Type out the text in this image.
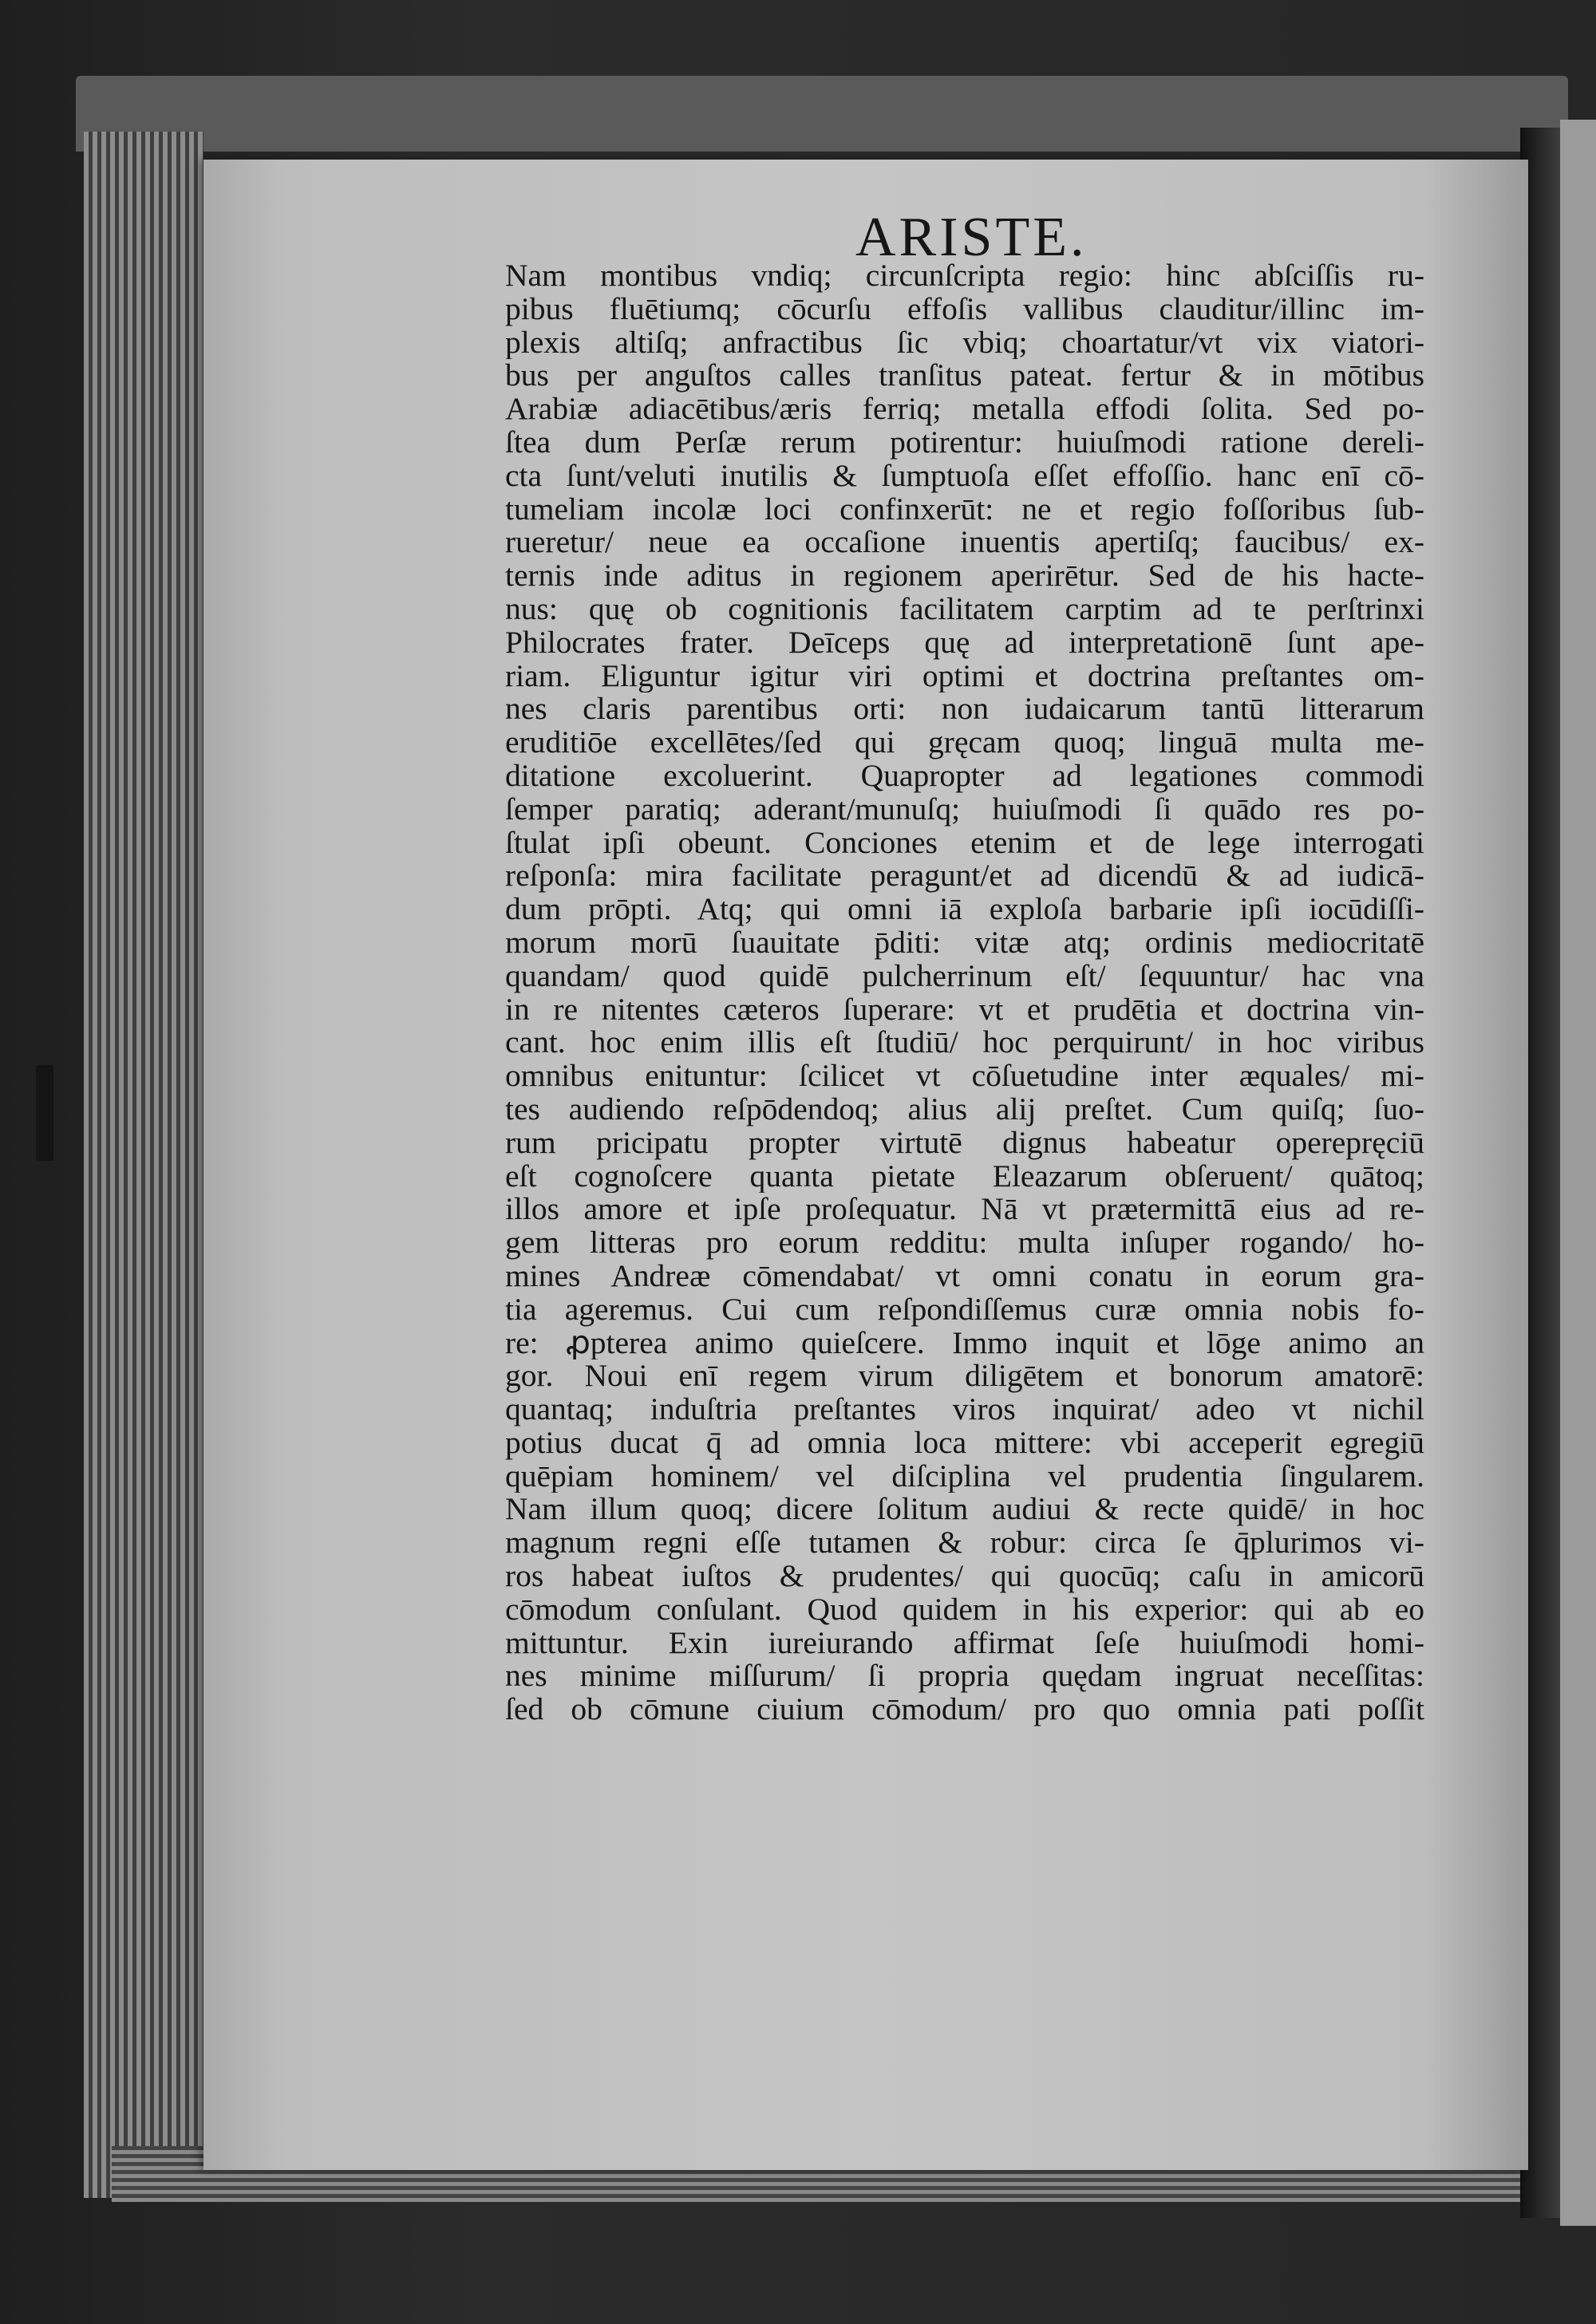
ARISTE.
Nam montibus vndiq; circunſcripta regio: hinc abſciſſis ru-
pibus fluētiumq; cōcurſu effoſis vallibus clauditur/illinc im-
plexis altiſq; anfractibus ſic vbiq; choartatur/vt vix viatori-
bus per anguſtos calles tranſitus pateat. fertur & in mōtibus
Arabiæ adiacētibus/æris ferriq; metalla effodi ſolita. Sed po-
ſtea dum Perſæ rerum potirentur: huiuſmodi ratione dereli-
cta ſunt/veluti inutilis & ſumptuoſa eſſet effoſſio. hanc enī cō-
tumeliam incolæ loci confinxerūt: ne et regio foſſoribus ſub-
rueretur/ neue ea occaſione inuentis apertiſq; faucibus/ ex-
ternis inde aditus in regionem aperirētur. Sed de his hacte-
nus: quę ob cognitionis facilitatem carptim ad te perſtrinxi
Philocrates frater. Deīceps quę ad interpretationē ſunt ape-
riam. Eliguntur igitur viri optimi et doctrina preſtantes om-
nes claris parentibus orti: non iudaicarum tantū litterarum
eruditiōe excellētes/ſed qui gręcam quoq; linguā multa me-
ditatione excoluerint. Quapropter ad legationes commodi
ſemper paratiq; aderant/munuſq; huiuſmodi ſi quādo res po-
ſtulat ipſi obeunt. Conciones etenim et de lege interrogati
reſponſa: mira facilitate peragunt/et ad dicendū & ad iudicā-
dum prōpti. Atq; qui omni iā exploſa barbarie ipſi iocūdiſſi-
morum morū ſuauitate p̄diti: vitæ atq; ordinis mediocritatē
quandam/ quod quidē pulcherrinum eſt/ ſequuntur/ hac vna
in re nitentes cæteros ſuperare: vt et prudētia et doctrina vin-
cant. hoc enim illis eſt ſtudiū/ hoc perquirunt/ in hoc viribus
omnibus enituntur: ſcilicet vt cōſuetudine inter æquales/ mi-
tes audiendo reſpōdendoq; alius alij preſtet. Cum quiſq; ſuo-
rum pricipatu propter virtutē dignus habeatur operepręciū
eſt cognoſcere quanta pietate Eleazarum obſeruent/ quātoq;
illos amore et ipſe proſequatur. Nā vt prætermittā eius ad re-
gem litteras pro eorum redditu: multa inſuper rogando/ ho-
mines Andreæ cōmendabat/ vt omni conatu in eorum gra-
tia ageremus. Cui cum reſpondiſſemus curæ omnia nobis fo-
re: ꝓpterea animo quieſcere. Immo inquit et lōge animo an
gor. Noui enī regem virum diligētem et bonorum amatorē:
quantaq; induſtria preſtantes viros inquirat/ adeo vt nichil
potius ducat q̄ ad omnia loca mittere: vbi acceperit egregiū
quēpiam hominem/ vel diſciplina vel prudentia ſingularem.
Nam illum quoq; dicere ſolitum audiui & recte quidē/ in hoc
magnum regni eſſe tutamen & robur: circa ſe q̄plurimos vi-
ros habeat iuſtos & prudentes/ qui quocūq; caſu in amicorū
cōmodum conſulant. Quod quidem in his experior: qui ab eo
mittuntur. Exin iureiurando affirmat ſeſe huiuſmodi homi-
nes minime miſſurum/ ſi propria quędam ingruat neceſſitas:
ſed ob cōmune ciuium cōmodum/ pro quo omnia pati poſſit
